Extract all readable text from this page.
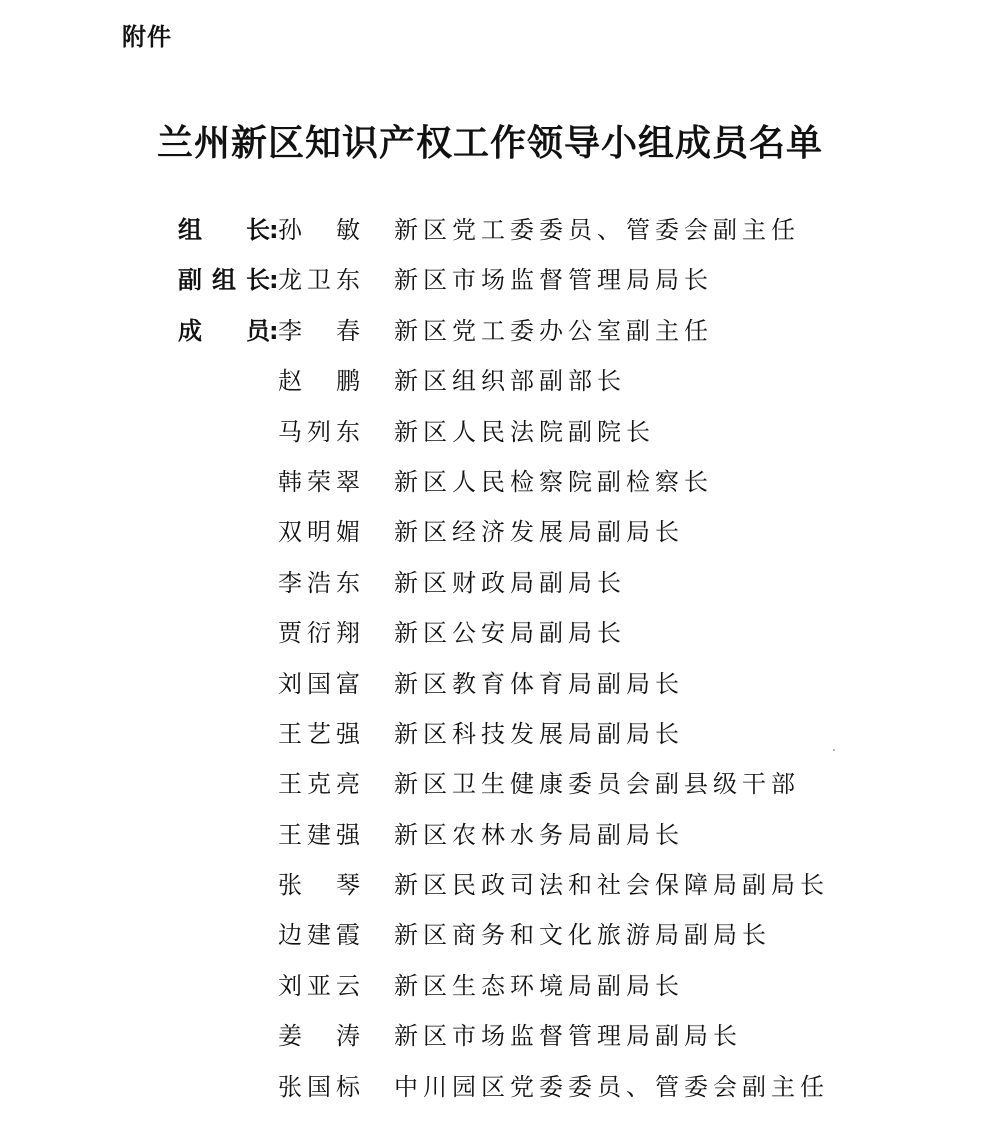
附件
兰州新区知识产权工作领导小组成员名单
组 长 : 孙 敏 新区党工委委员、管委会副主任
副 组 长 : 龙 卫 东 新区市场监督管理局局长
成 员 : 李 春 新区党工委办公室副主任
赵 鹏 新区组织部副部长
马 列 东 新区人民法院副院长
韩 荣 翠 新区人民检察院副检察长
双 明 媚 新区经济发展局副局长
李 浩 东 新区财政局副局长
贾 衍 翔 新区公安局副局长
刘 国 富 新区教育体育局副局长
王 艺 强 新区科技发展局副局长
王 克 亮 新区卫生健康委员会副县级干部
王 建 强 新区农林水务局副局长
张 琴 新区民政司法和社会保障局副局长
边 建 霞 新区商务和文化旅游局副局长
刘 亚 云 新区生态环境局副局长
姜 涛 新区市场监督管理局副局长
张 国 标 中川园区党委委员、管委会副主任
